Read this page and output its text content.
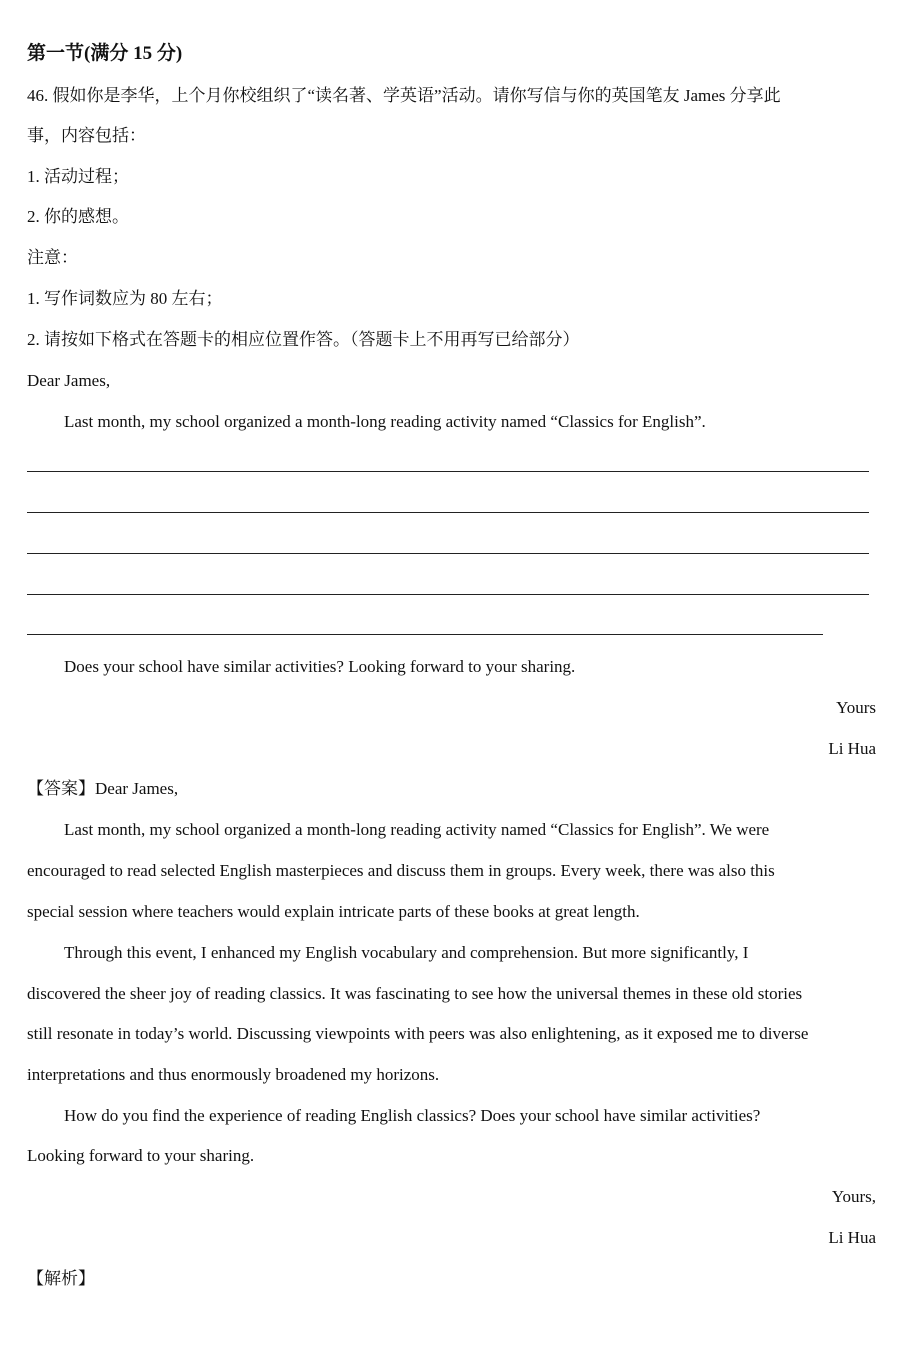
第一节(满分 15 分)
46. 假如你是李华，上个月你校组织了“读名著、学英语”活动。请你写信与你的英国笔友 James 分享此
事，内容包括：
1. 活动过程；
2. 你的感想。
注意：
1. 写作词数应为 80 左右；
2. 请按如下格式在答题卡的相应位置作答。（答题卡上不用再写已给部分）
Dear James,
Last month, my school organized a month-long reading activity named “Classics for English”.
Does your school have similar activities? Looking forward to your sharing.
Yours
Li Hua
【答案】Dear James,
Last month, my school organized a month-long reading activity named “Classics for English”. We were
encouraged to read selected English masterpieces and discuss them in groups. Every week, there was also this
special session where teachers would explain intricate parts of these books at great length.
Through this event, I enhanced my English vocabulary and comprehension. But more significantly, I
discovered the sheer joy of reading classics. It was fascinating to see how the universal themes in these old stories
still resonate in today’s world. Discussing viewpoints with peers was also enlightening, as it exposed me to diverse
interpretations and thus enormously broadened my horizons.
How do you find the experience of reading English classics? Does your school have similar activities?
Looking forward to your sharing.
Yours,
Li Hua
【解析】
